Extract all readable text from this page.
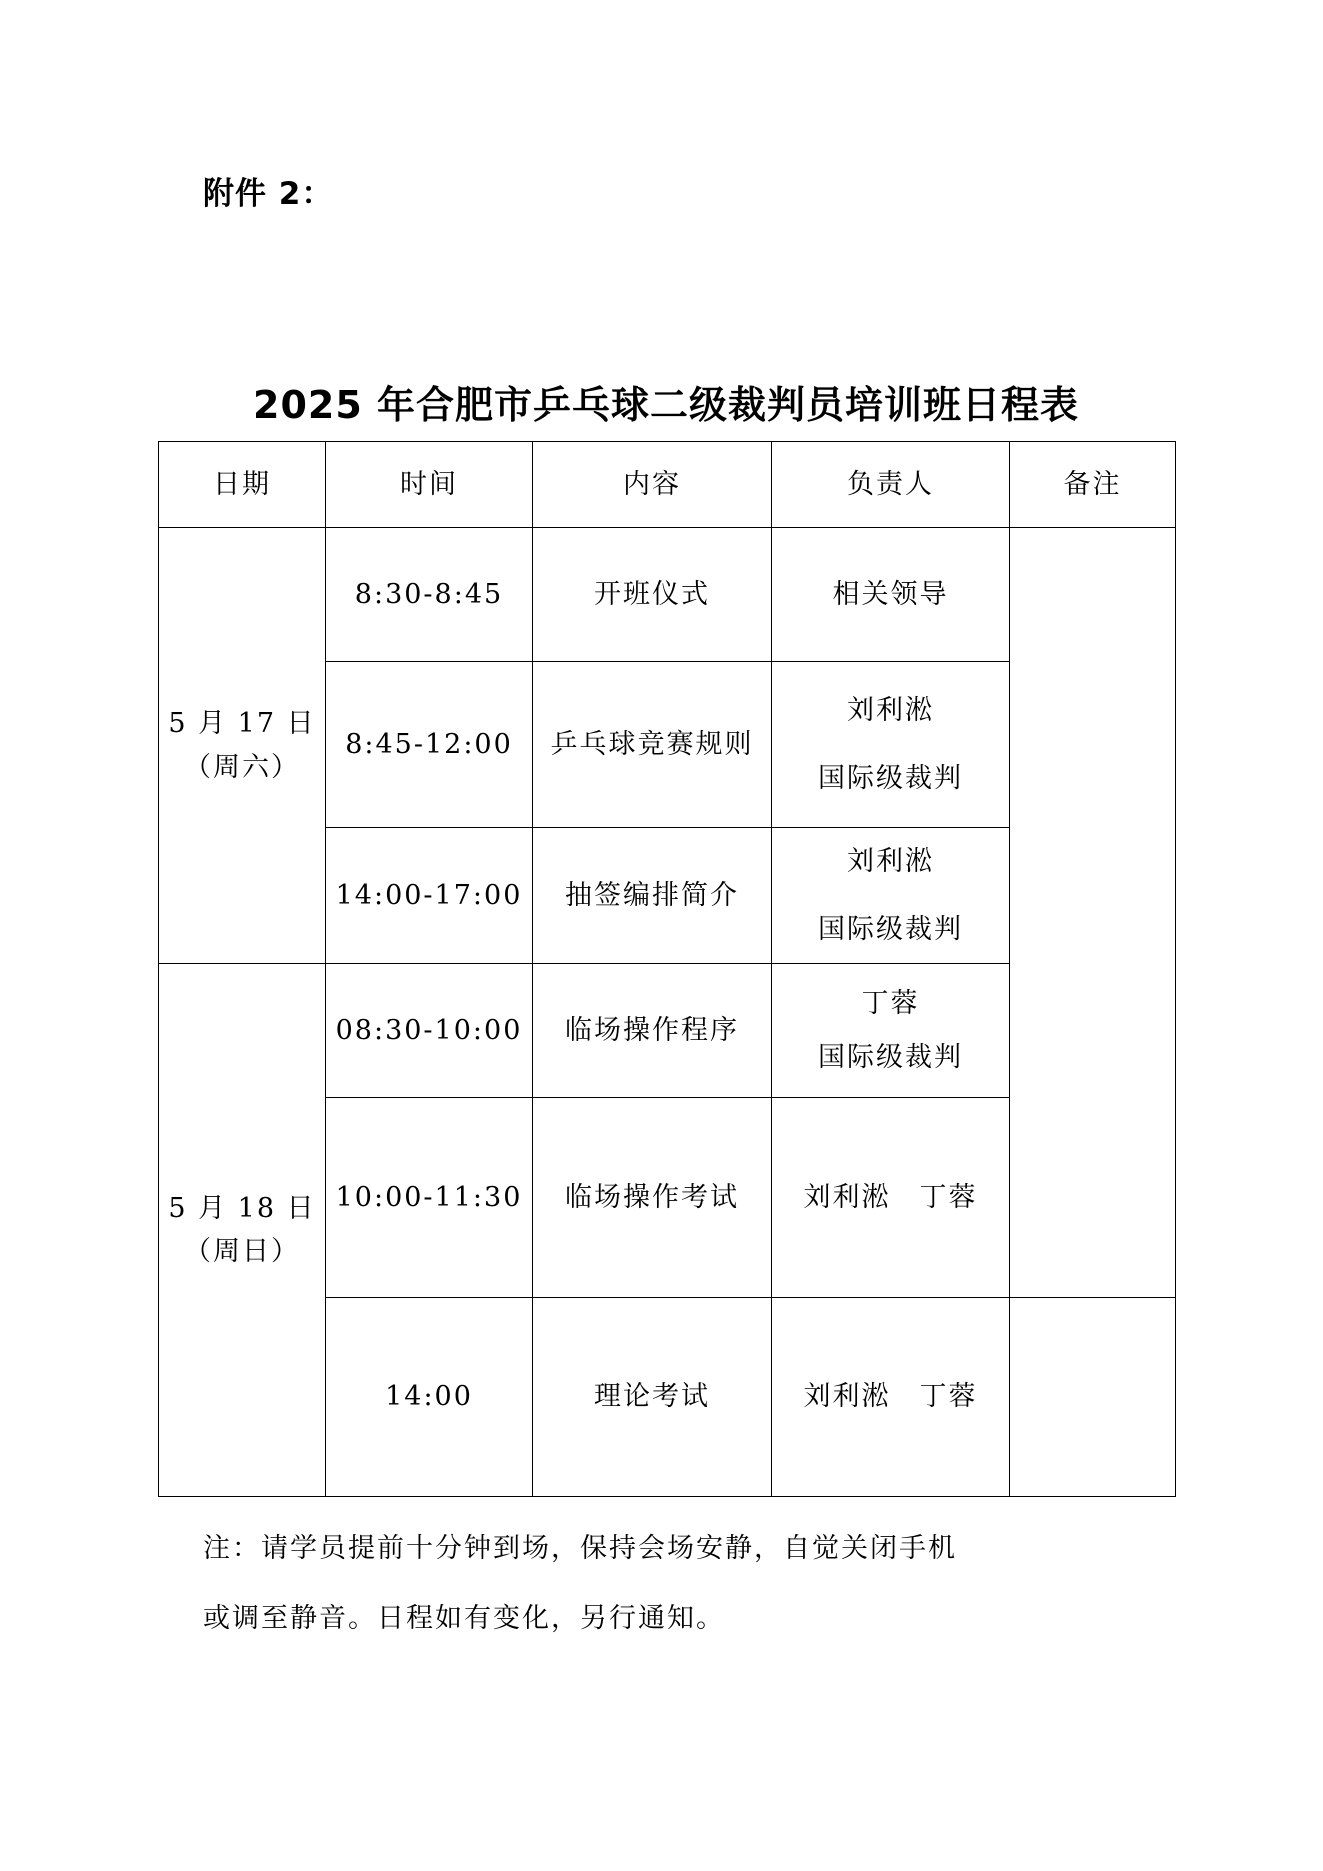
附件 2：
2025 年合肥市乒乓球二级裁判员培训班日程表
日期	时间	内容	负责人	备注

5 月 17 日
（周六）	8:30-8:45	开班仪式	相关领导	

	8:45-12:00	乒乓球竞赛规则	刘利淞
国际级裁判	

	14:00-17:00	抽签编排简介	刘利淞
国际级裁判	

5 月 18 日
（周日）	08:30-10:00	临场操作程序	丁蓉
国际级裁判	

	10:00-11:30	临场操作考试	刘利淞　丁蓉	

	14:00	理论考试	刘利淞　丁蓉	

注：请学员提前十分钟到场，保持会场安静，自觉关闭手机
或调至静音。日程如有变化，另行通知。
